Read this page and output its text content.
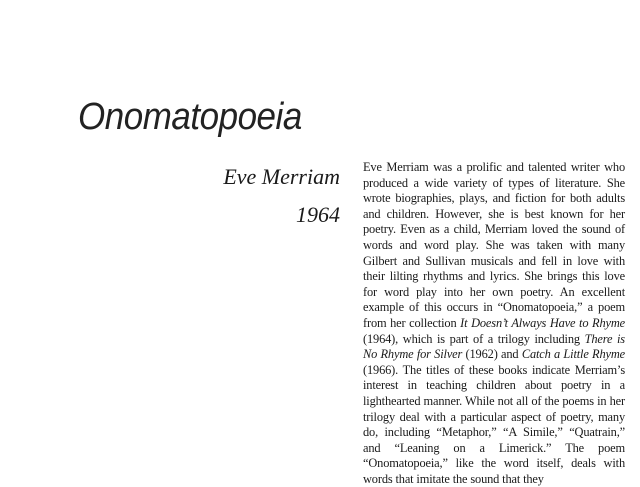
Onomatopoeia
Eve Merriam
1964

Eve Merriam was a prolific and talented writer who produced a wide variety of types of literature. She wrote biographies, plays, and fiction for both adults and children. However, she is best known for her poetry. Even as a child, Merriam loved the sound of words and word play. She was taken with many Gilbert and Sullivan musicals and fell in love with their lilting rhythms and lyrics. She brings this love for word play into her own poetry. An excellent example of this occurs in “Onomatopoeia,” a poem from her collection It Doesn’t Always Have to Rhyme (1964), which is part of a trilogy including There is No Rhyme for Silver (1962) and Catch a Little Rhyme (1966). The titles of these books indicate Merriam’s interest in teaching children about poetry in a lighthearted manner. While not all of the poems in her trilogy deal with a particular aspect of poetry, many do, including “Metaphor,” “A Simile,” “Quatrain,” and “Leaning on a Limerick.” The poem “Onomatopoeia,” like the word itself, deals with words that imitate the sound that they
